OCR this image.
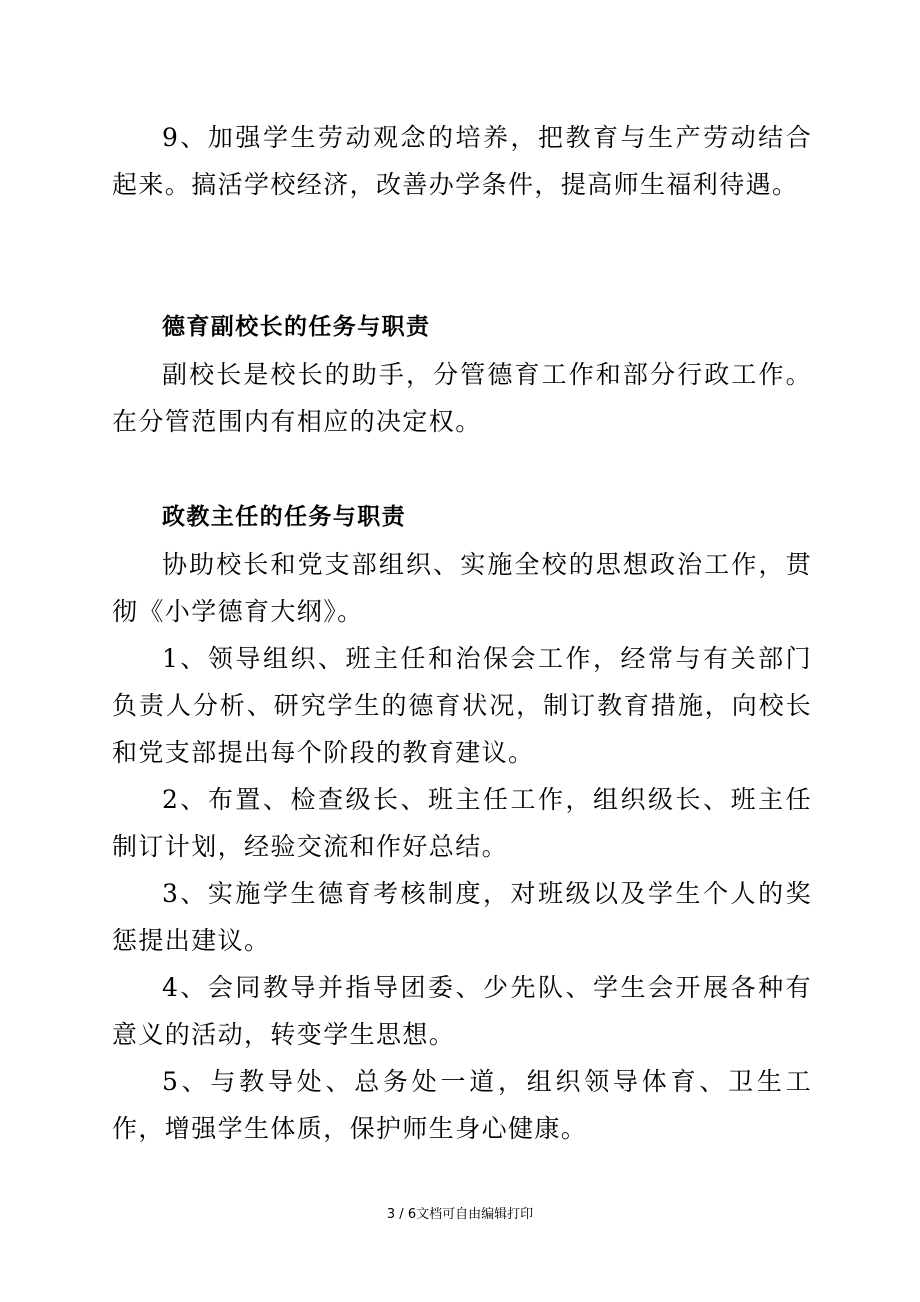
9、加强学生劳动观念的培养，把教育与生产劳动结合起来。搞活学校经济，改善办学条件，提高师生福利待遇。

德育副校长的任务与职责

副校长是校长的助手，分管德育工作和部分行政工作。在分管范围内有相应的决定权。

政教主任的任务与职责

协助校长和党支部组织、实施全校的思想政治工作，贯彻《小学德育大纲》。

1、领导组织、班主任和治保会工作，经常与有关部门负责人分析、研究学生的德育状况，制订教育措施，向校长和党支部提出每个阶段的教育建议。

2、布置、检查级长、班主任工作，组织级长、班主任制订计划，经验交流和作好总结。

3、实施学生德育考核制度，对班级以及学生个人的奖惩提出建议。

4、会同教导并指导团委、少先队、学生会开展各种有意义的活动，转变学生思想。

5、与教导处、总务处一道，组织领导体育、卫生工作，增强学生体质，保护师生身心健康。

3 / 6文档可自由编辑打印
